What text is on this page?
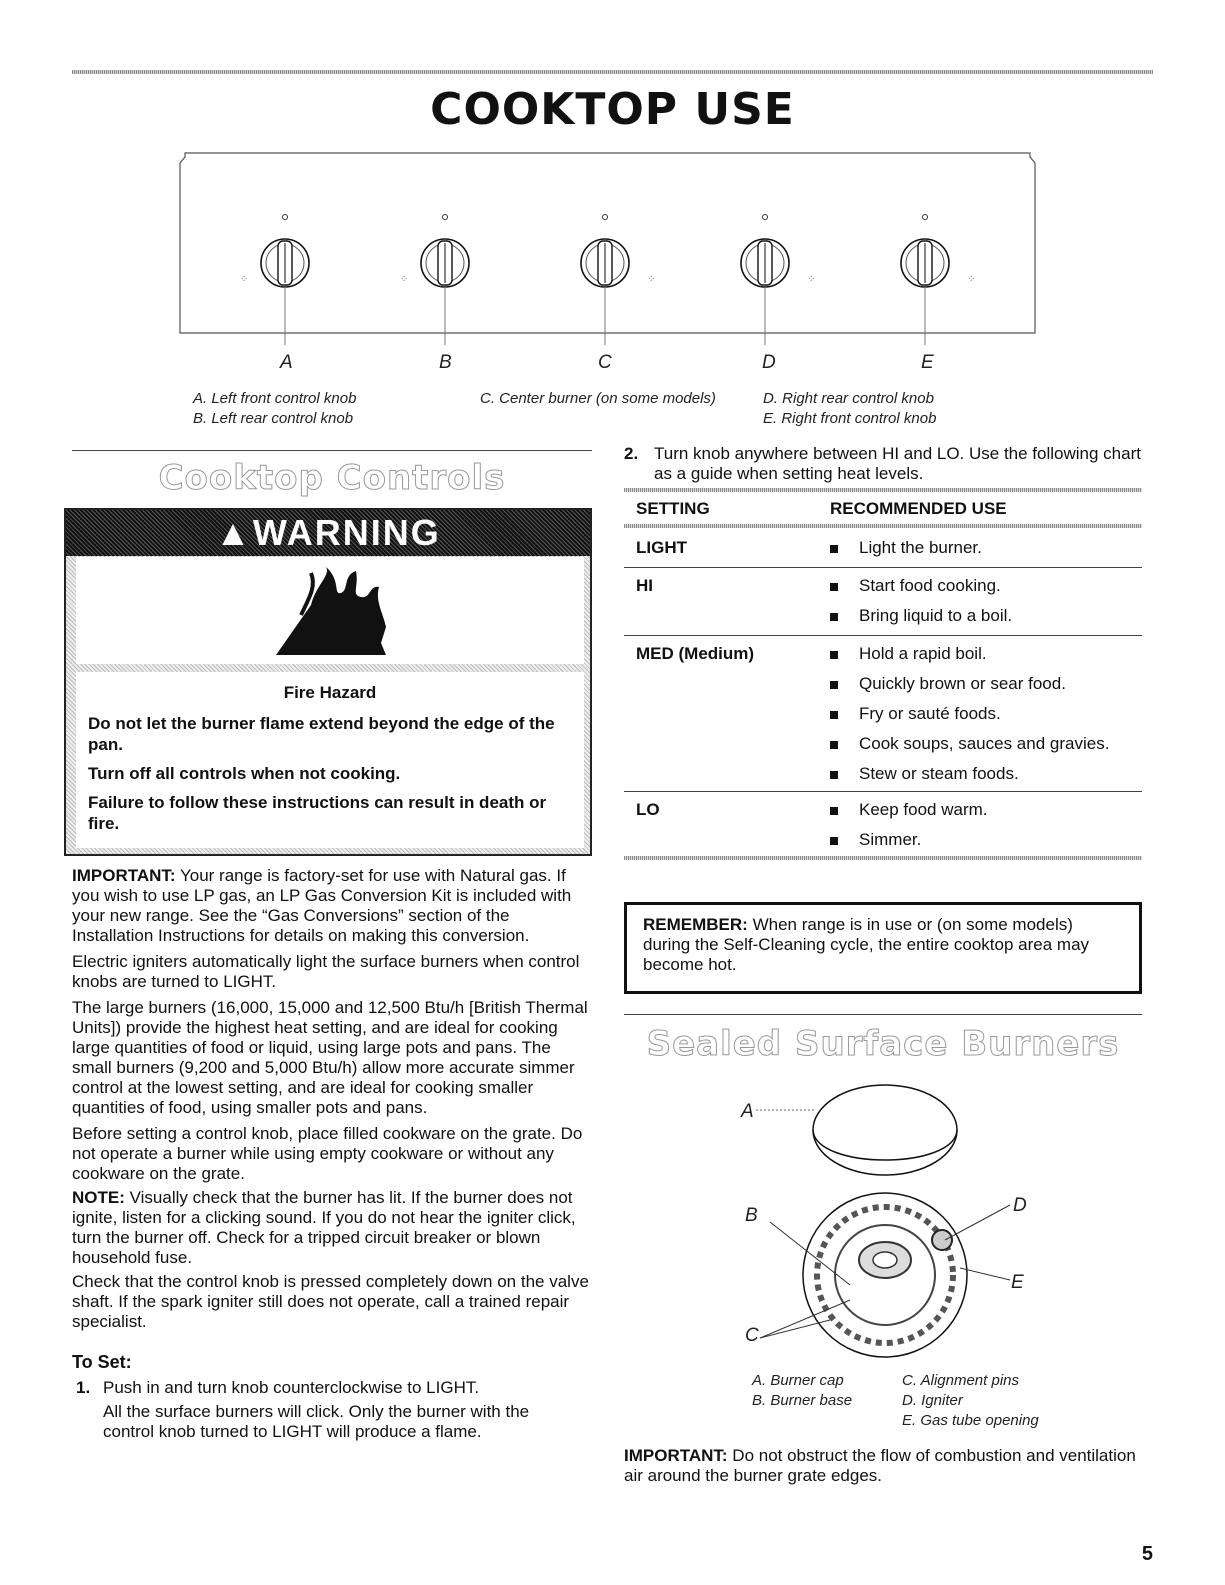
COOKTOP USE
⁘	⁘	⁘	⁘	⁘
A	B	C	D	E
A. Left front control knob
B. Left rear control knob
C. Center burner (on some models)	D. Right rear control knob
E. Right front control knob
Cooktop Controls
▲WARNING
Fire Hazard
Do not let the burner flame extend beyond the edge of the pan.
Turn off all controls when not cooking.
Failure to follow these instructions can result in death or fire.
IMPORTANT: Your range is factory-set for use with Natural gas. If you wish to use LP gas, an LP Gas Conversion Kit is included with your new range. See the “Gas Conversions” section of the Installation Instructions for details on making this conversion.
Electric igniters automatically light the surface burners when control knobs are turned to LIGHT.
The large burners (16,000, 15,000 and 12,500 Btu/h [British Thermal Units]) provide the highest heat setting, and are ideal for cooking large quantities of food or liquid, using large pots and pans. The small burners (9,200 and 5,000 Btu/h) allow more accurate simmer control at the lowest setting, and are ideal for cooking smaller quantities of food, using smaller pots and pans.
Before setting a control knob, place filled cookware on the grate. Do not operate a burner while using empty cookware or without any cookware on the grate.
NOTE: Visually check that the burner has lit. If the burner does not ignite, listen for a clicking sound. If you do not hear the igniter click, turn the burner off. Check for a tripped circuit breaker or blown household fuse.
Check that the control knob is pressed completely down on the valve shaft. If the spark igniter still does not operate, call a trained repair specialist.
To Set:
1. Push in and turn knob counterclockwise to LIGHT.
All the surface burners will click. Only the burner with the control knob turned to LIGHT will produce a flame.
2. Turn knob anywhere between HI and LO. Use the following chart as a guide when setting heat levels.
SETTING	RECOMMENDED USE
LIGHT	Light the burner.
HI	Start food cooking.
Bring liquid to a boil.
MED (Medium)	Hold a rapid boil.
Quickly brown or sear food.
Fry or sauté foods.
Cook soups, sauces and gravies.
Stew or steam foods.
LO	Keep food warm.
Simmer.
REMEMBER: When range is in use or (on some models) during the Self-Cleaning cycle, the entire cooktop area may become hot.
Sealed Surface Burners
A
B
C
D
E
A. Burner cap
B. Burner base
C. Alignment pins
D. Igniter
E. Gas tube opening
IMPORTANT: Do not obstruct the flow of combustion and ventilation air around the burner grate edges.
5
